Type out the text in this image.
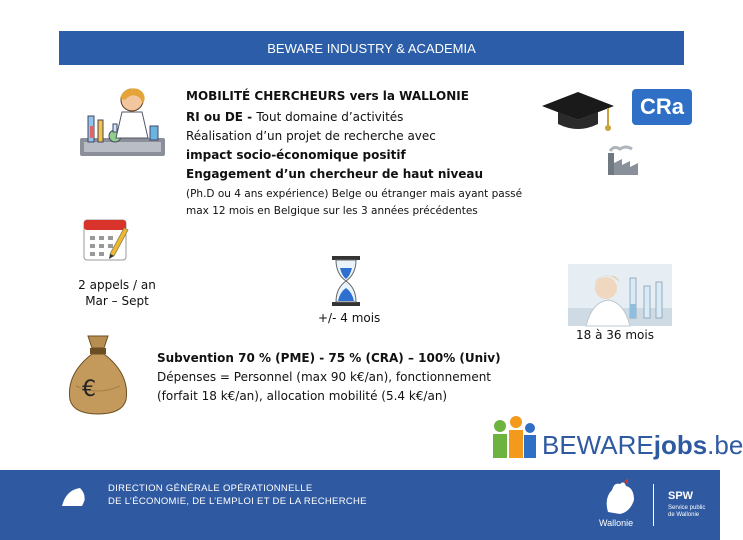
BEWARE INDUSTRY & ACADEMIA
MOBILITÉ CHERCHEURS vers la WALLONIE
RI ou DE - Tout domaine d’activités
Réalisation d’un projet de recherche avec
impact socio-économique positif
Engagement d’un chercheur de haut niveau
(Ph.D ou 4 ans expérience) Belge ou étranger mais ayant passé max 12 mois en Belgique sur les 3 années précédentes
CRa
2 appels / an
Mar – Sept
+/- 4 mois
18 à 36 mois
€
Subvention 70 % (PME) - 75 % (CRA) – 100% (Univ)
Dépenses = Personnel (max 90 k€/an), fonctionnement
(forfait 18 k€/an), allocation mobilité (5.4 k€/an)
BEWAREjobs.be
DGO6
DIRECTION GÉNÉRALE OPÉRATIONNELLE
DE L’ÉCONOMIE, DE L’EMPLOI ET DE LA RECHERCHE
Wallonie
SPW
Service public de Wallonie
